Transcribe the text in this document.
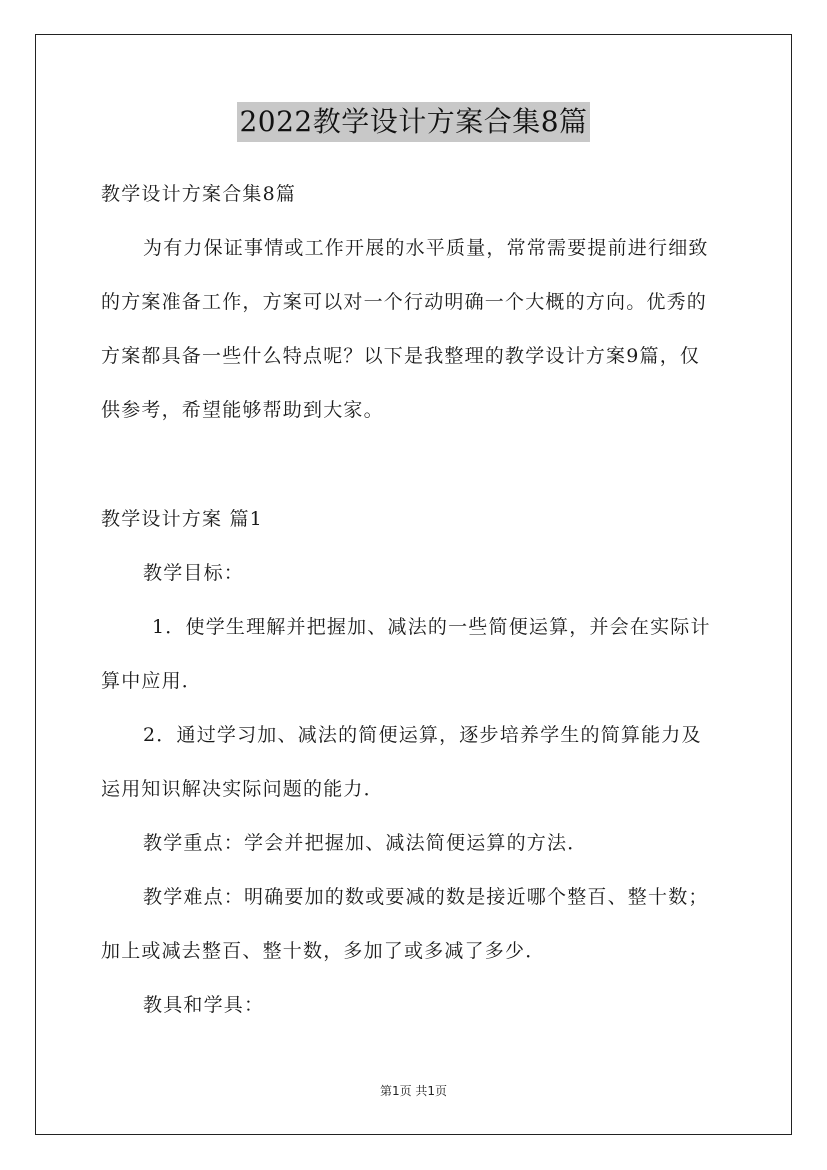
2022教学设计方案合集8篇
教学设计方案合集8篇
为有力保证事情或工作开展的水平质量，常常需要提前进行细致
的方案准备工作，方案可以对一个行动明确一个大概的方向。优秀的
方案都具备一些什么特点呢？以下是我整理的教学设计方案9篇，仅
供参考，希望能够帮助到大家。
教学设计方案 篇1
教学目标：
1．使学生理解并把握加、减法的一些简便运算，并会在实际计
算中应用．
2．通过学习加、减法的简便运算，逐步培养学生的简算能力及
运用知识解决实际问题的能力．
教学重点：学会并把握加、减法简便运算的方法．
教学难点：明确要加的数或要减的数是接近哪个整百、整十数；
加上或减去整百、整十数，多加了或多减了多少．
教具和学具：
第1页 共1页
